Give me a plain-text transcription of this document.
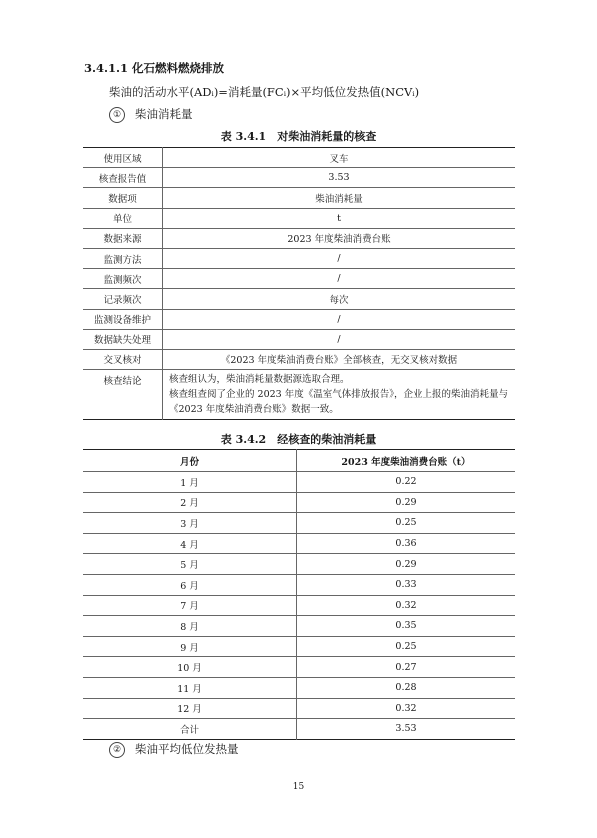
3.4.1.1 化石燃料燃烧排放
柴油的活动水平(ADᵢ)=消耗量(FCᵢ)×平均低位发热值(NCVᵢ)
① 柴油消耗量
表 3.4.1　对柴油消耗量的核查
使用区域	叉车
核查报告值	3.53
数据项	柴油消耗量
单位	t
数据来源	2023 年度柴油消费台账
监测方法	/
监测频次	/
记录频次	每次
监测设备维护	/
数据缺失处理	/
交叉核对	《2023 年度柴油消费台账》全部核查，无交叉核对数据
核查结论	核查组认为，柴油消耗量数据源选取合理。
核查组查阅了企业的 2023 年度《温室气体排放报告》，企业上报的柴油消耗量与《2023 年度柴油消费台账》数据一致。
表 3.4.2　经核查的柴油消耗量
月份	2023 年度柴油消费台账（t）
1 月	0.22
2 月	0.29
3 月	0.25
4 月	0.36
5 月	0.29
6 月	0.33
7 月	0.32
8 月	0.35
9 月	0.25
10 月	0.27
11 月	0.28
12 月	0.32
合计	3.53
② 柴油平均低位发热量
15
